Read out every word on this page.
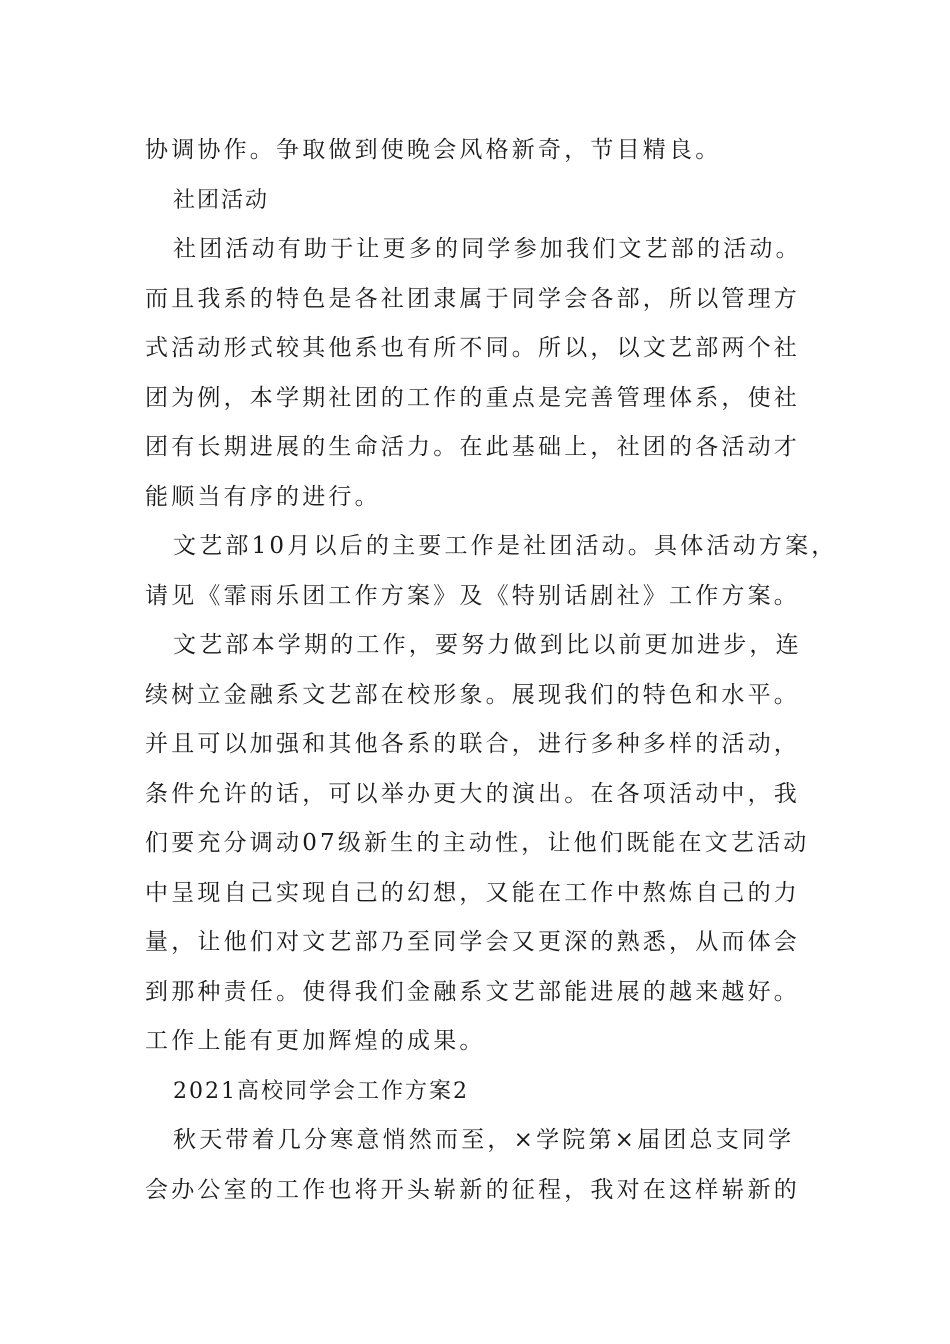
协调协作。争取做到使晚会风格新奇，节目精良。
社团活动
社团活动有助于让更多的同学参加我们文艺部的活动。
而且我系的特色是各社团隶属于同学会各部，所以管理方
式活动形式较其他系也有所不同。所以，以文艺部两个社
团为例，本学期社团的工作的重点是完善管理体系，使社
团有长期进展的生命活力。在此基础上，社团的各活动才
能顺当有序的进行。
文艺部10月以后的主要工作是社团活动。具体活动方案，
请见《霏雨乐团工作方案》及《特别话剧社》工作方案。
文艺部本学期的工作，要努力做到比以前更加进步，连
续树立金融系文艺部在校形象。展现我们的特色和水平。
并且可以加强和其他各系的联合，进行多种多样的活动，
条件允许的话，可以举办更大的演出。在各项活动中，我
们要充分调动07级新生的主动性，让他们既能在文艺活动
中呈现自己实现自己的幻想，又能在工作中熬炼自己的力
量，让他们对文艺部乃至同学会又更深的熟悉，从而体会
到那种责任。使得我们金融系文艺部能进展的越来越好。
工作上能有更加辉煌的成果。
2021高校同学会工作方案2
秋天带着几分寒意悄然而至，×学院第×届团总支同学
会办公室的工作也将开头崭新的征程，我对在这样崭新的
